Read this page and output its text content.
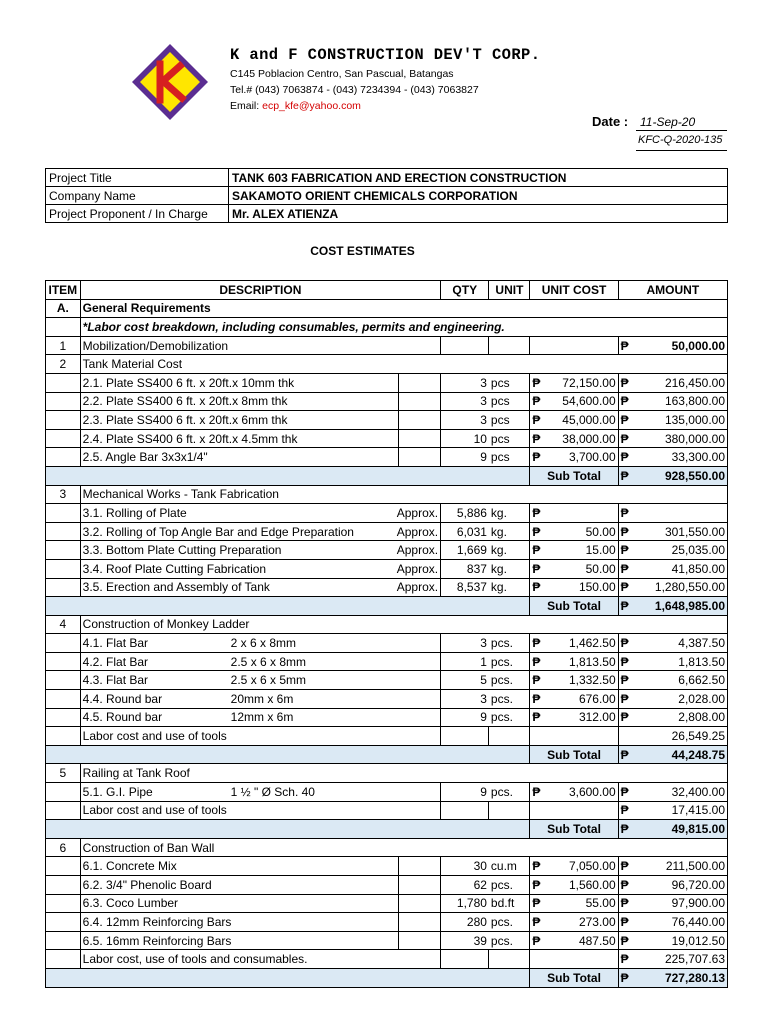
K and F CONSTRUCTION DEV'T CORP.
C145 Poblacion Centro, San Pascual, Batangas
Tel.# (043) 7063874 - (043) 7234394 - (043) 7063827
Email: ecp_kfe@yahoo.com
Date : 11-Sep-20
KFC-Q-2020-135
Project Title	TANK 603 FABRICATION AND ERECTION CONSTRUCTION
Company Name	SAKAMOTO ORIENT CHEMICALS CORPORATION
Project Proponent / In Charge	Mr. ALEX ATIENZA
COST ESTIMATES
ITEM	DESCRIPTION		QTY	UNIT	UNIT COST		AMOUNT	
A.	General Requirements							
	*Labor cost breakdown, including consumables, permits and engineering.							
1	Mobilization/Demobilization						₱	50,000.00
2	Tank Material Cost							
	2.1. Plate SS400 6 ft. x 20ft.x 10mm thk		3	pcs	₱	72,150.00	₱	216,450.00
	2.2. Plate SS400 6 ft. x 20ft.x 8mm thk		3	pcs	₱	54,600.00	₱	163,800.00
	2.3. Plate SS400 6 ft. x 20ft.x 6mm thk		3	pcs	₱	45,000.00	₱	135,000.00
	2.4. Plate SS400 6 ft. x 20ft.x 4.5mm thk		10	pcs	₱	38,000.00	₱	380,000.00
	2.5. Angle Bar 3x3x1/4"		9	pcs	₱	3,700.00	₱	33,300.00
					Sub Total		₱	928,550.00
3	Mechanical Works - Tank Fabrication							
	3.1. Rolling of Plate Approx.		5,886	kg.	₱		₱	
	3.2. Rolling of Top Angle Bar and Edge Preparation Approx.		6,031	kg.	₱	50.00	₱	301,550.00
	3.3. Bottom Plate Cutting Preparation Approx.		1,669	kg.	₱	15.00	₱	25,035.00
	3.4. Roof Plate Cutting Fabrication Approx.		837	kg.	₱	50.00	₱	41,850.00
	3.5. Erection and Assembly of Tank Approx.		8,537	kg.	₱	150.00	₱	1,280,550.00
					Sub Total		₱	1,648,985.00
4	Construction of Monkey Ladder							
	4.1. Flat Bar 2 x 6 x 8mm		3	pcs.	₱	1,462.50	₱	4,387.50
	4.2. Flat Bar 2.5 x 6 x 8mm		1	pcs.	₱	1,813.50	₱	1,813.50
	4.3. Flat Bar 2.5 x 6 x 5mm		5	pcs.	₱	1,332.50	₱	6,662.50
	4.4. Round bar 20mm x 6m		3	pcs.	₱	676.00	₱	2,028.00
	4.5. Round bar 12mm x 6m		9	pcs.	₱	312.00	₱	2,808.00
	Labor cost and use of tools						26,549.25	
					Sub Total		₱	44,248.75
5	Railing at Tank Roof							
	5.1. G.I. Pipe 1 ½ " Ø Sch. 40		9	pcs.	₱	3,600.00	₱	32,400.00
	Labor cost and use of tools						₱	17,415.00
					Sub Total		₱	49,815.00
6	Construction of Ban Wall							
	6.1. Concrete Mix		30	cu.m	₱	7,050.00	₱	211,500.00
	6.2. 3/4" Phenolic Board		62	pcs.	₱	1,560.00	₱	96,720.00
	6.3. Coco Lumber		1,780	bd.ft	₱	55.00	₱	97,900.00
	6.4. 12mm Reinforcing Bars		280	pcs.	₱	273.00	₱	76,440.00
	6.5. 16mm Reinforcing Bars		39	pcs.	₱	487.50	₱	19,012.50
	Labor cost, use of tools and consumables.						₱	225,707.63
					Sub Total		₱	727,280.13
